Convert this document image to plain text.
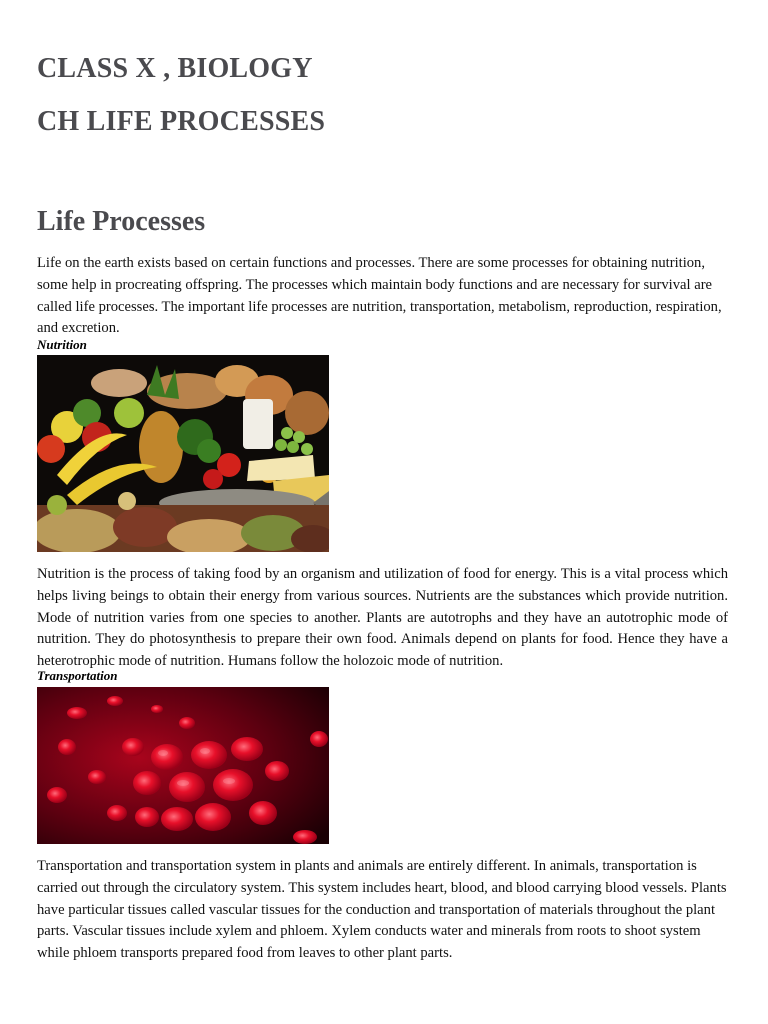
CLASS X , BIOLOGY
CH LIFE PROCESSES
Life Processes

Life on the earth exists based on certain functions and processes. There are some processes for obtaining nutrition, some help in procreating offspring. The processes which maintain body functions and are necessary for survival are called life processes. The important life processes are nutrition, transportation, metabolism, reproduction, respiration, and excretion.

Nutrition

Nutrition is the process of taking food by an organism and utilization of food for energy. This is a vital process which helps living beings to obtain their energy from various sources. Nutrients are the substances which provide nutrition. Mode of nutrition varies from one species to another. Plants are autotrophs and they have an autotrophic mode of nutrition. They do photosynthesis to prepare their own food. Animals depend on plants for food. Hence they have a heterotrophic mode of nutrition. Humans follow the holozoic mode of nutrition.

Transportation

Transportation and transportation system in plants and animals are entirely different. In animals, transportation is carried out through the circulatory system. This system includes heart, blood, and blood carrying blood vessels. Plants have particular tissues called vascular tissues for the conduction and transportation of materials throughout the plant parts. Vascular tissues include xylem and phloem. Xylem conducts water and minerals from roots to shoot system while phloem transports prepared food from leaves to other plant parts.
